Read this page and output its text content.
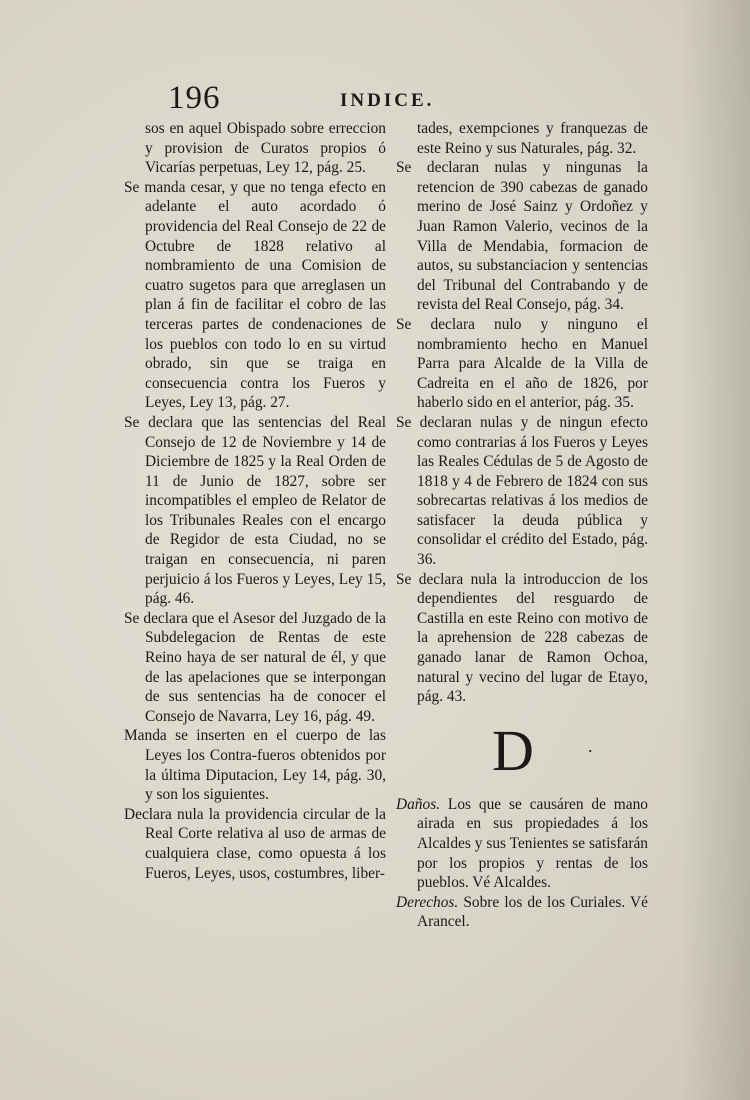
196	INDICE.

sos en aquel Obispado sobre erreccion y provision de Curatos propios ó Vicarías perpetuas, Ley 12, pág. 25.

Se manda cesar, y que no tenga efecto en adelante el auto acordado ó providencia del Real Consejo de 22 de Octubre de 1828 relativo al nombramiento de una Comision de cuatro sugetos para que arreglasen un plan á fin de facilitar el cobro de las terceras partes de condenaciones de los pueblos con todo lo en su virtud obrado, sin que se traiga en consecuencia contra los Fueros y Leyes, Ley 13, pág. 27.

Se declara que las sentencias del Real Consejo de 12 de Noviembre y 14 de Diciembre de 1825 y la Real Orden de 11 de Junio de 1827, sobre ser incompatibles el empleo de Relator de los Tribunales Reales con el encargo de Regidor de esta Ciudad, no se traigan en consecuencia, ni paren perjuicio á los Fueros y Leyes, Ley 15, pág. 46.

Se declara que el Asesor del Juzgado de la Subdelegacion de Rentas de este Reino haya de ser natural de él, y que de las apelaciones que se interpongan de sus sentencias ha de conocer el Consejo de Navarra, Ley 16, pág. 49.

Manda se inserten en el cuerpo de las Leyes los Contra-fueros obtenidos por la última Diputacion, Ley 14, pág. 30, y son los siguientes.

Declara nula la providencia circular de la Real Corte relativa al uso de armas de cualquiera clase, como opuesta á los Fueros, Leyes, usos, costumbres, liber-

tades, exempciones y franquezas de este Reino y sus Naturales, pág. 32.

Se declaran nulas y ningunas la retencion de 390 cabezas de ganado merino de José Sainz y Ordoñez y Juan Ramon Valerio, vecinos de la Villa de Mendabia, formacion de autos, su substanciacion y sentencias del Tribunal del Contrabando y de revista del Real Consejo, pág. 34.

Se declara nulo y ninguno el nombramiento hecho en Manuel Parra para Alcalde de la Villa de Cadreita en el año de 1826, por haberlo sido en el anterior, pág. 35.

Se declaran nulas y de ningun efecto como contrarias á los Fueros y Leyes las Reales Cédulas de 5 de Agosto de 1818 y 4 de Febrero de 1824 con sus sobrecartas relativas á los medios de satisfacer la deuda pública y consolidar el crédito del Estado, pág. 36.

Se declara nula la introduccion de los dependientes del resguardo de Castilla en este Reino con motivo de la aprehension de 228 cabezas de ganado lanar de Ramon Ochoa, natural y vecino del lugar de Etayo, pág. 43.

D	.

Daños. Los que se causáren de mano airada en sus propiedades á los Alcaldes y sus Tenientes se satisfarán por los propios y rentas de los pueblos. Vé Alcaldes.

Derechos. Sobre los de los Curiales. Vé Arancel.
